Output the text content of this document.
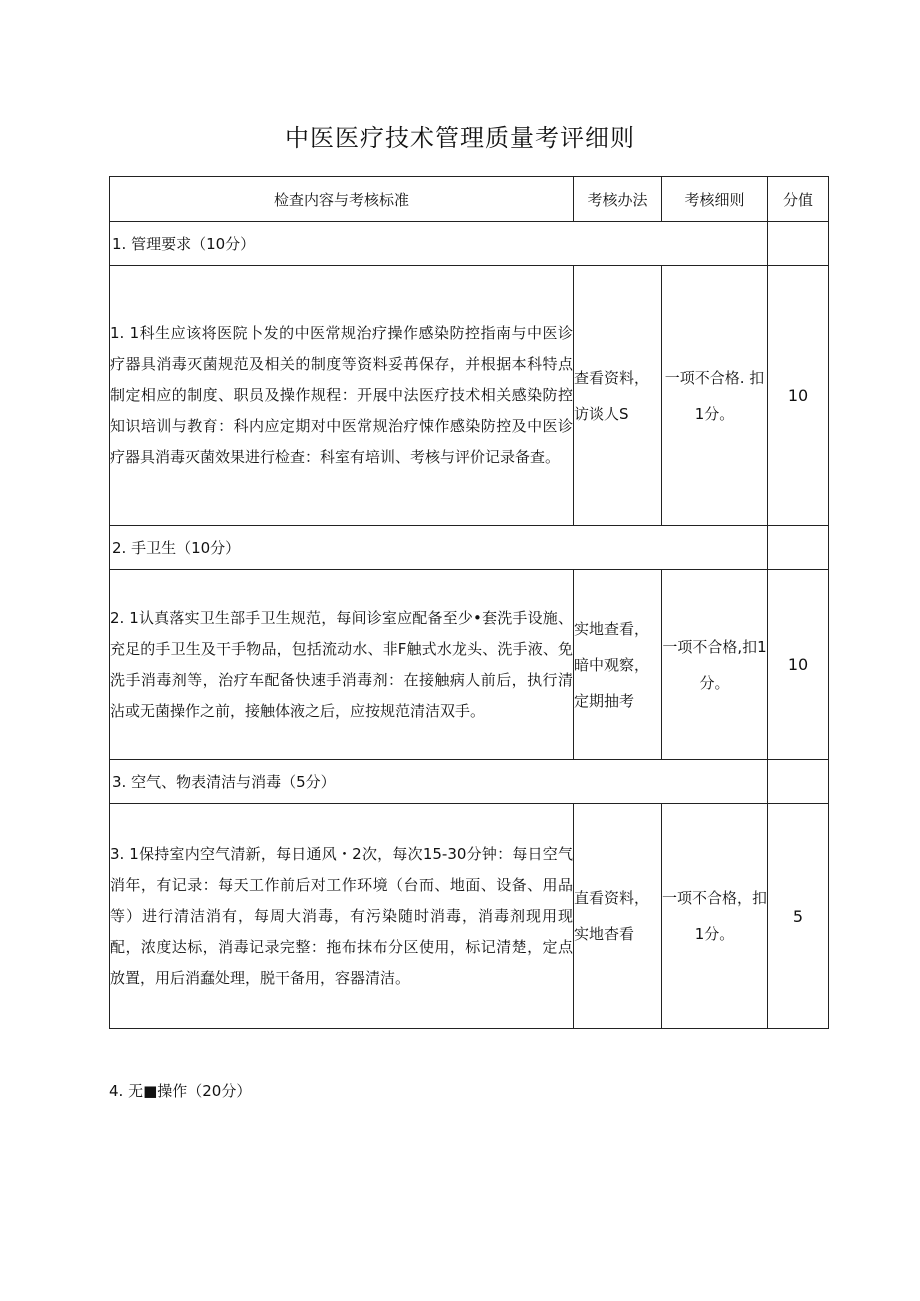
中医医疗技术管理质量考评细则
检查内容与考核标准	考核办法	考核细则	分值
1. 管理要求（10分）			
1. 1科生应该将医院卜发的中医常规治疗操作感染防控指南与中医诊疗器具消毒灭菌规范及相关的制度等资料妥苒保存，并根据本科特点制定相应的制度、职员及操作规程：开展中法医疗技术相关感染防控知识培训与教育：科内应定期对中医常规治疗悚作感染防控及中医诊疗器具消毒灭菌效果进行检查：科室有培训、考核与评价记录备查。	查看资料，访谈人S	一项不合格. 扣1分。	10
2. 手卫生（10分）			
2. 1认真落实卫生部手卫生规范，每间诊室应配备至少•套洗手设施、充足的手卫生及干手物品，包括流动水、非F触式水龙头、洗手液、免洗手消毒剂等，治疗车配备快速手消毒剂：在接触病人前后，执行清沾或无菌操作之前，接触体液之后，应按规范清洁双手。	实地查看，暗中观察，定期抽考	一项不合格,扣1分。	10
3. 空气、物表清洁与消毒（5分）			
3. 1保持室内空气清新，每日通风・2次，每次15-30分钟：每日空气消年，有记录：每天工作前后对工作环境（台而、地面、设备、用品等）进行清洁消有，每周大消毒，有污染随时消毒，消毒剂现用现配，浓度达标，消毒记录完整：拖布抹布分区使用，标记清楚，定点放置，用后消蠢处理，脱干备用，容器清洁。	直看资料，实地杳看	一项不合格，扣1分。	5
4. 无■操作（20分）
